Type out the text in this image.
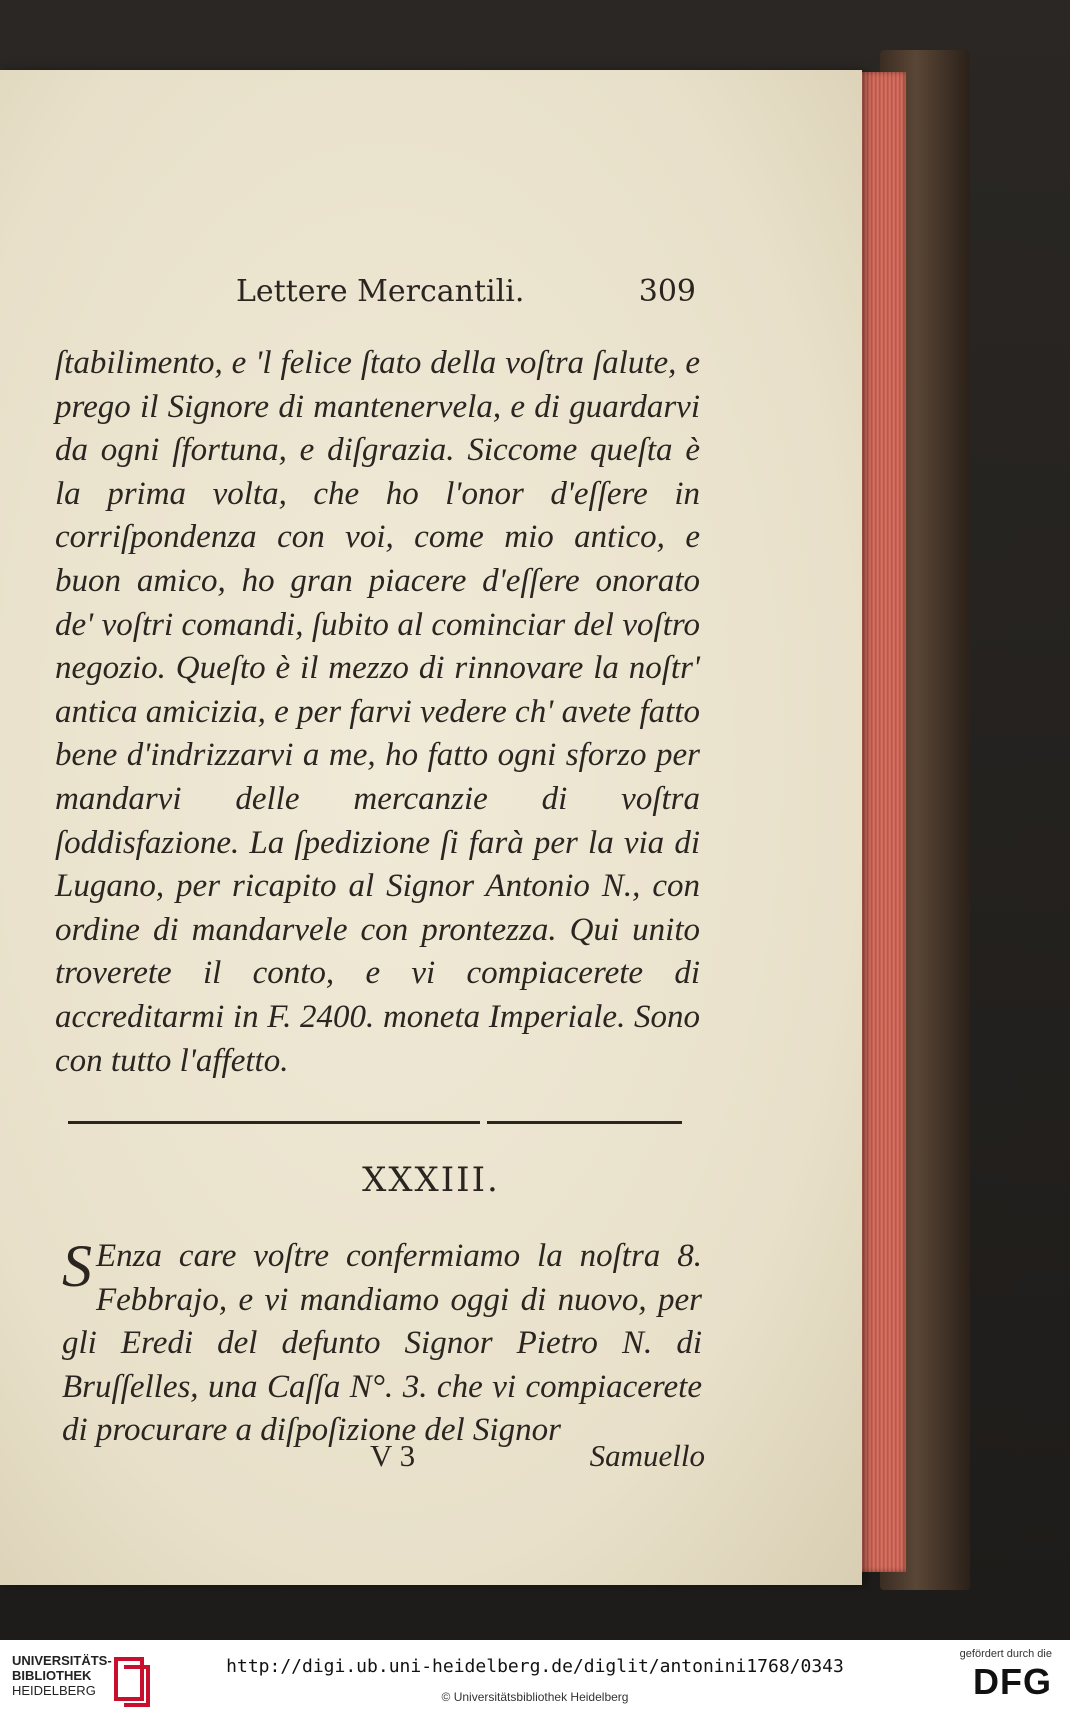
Lettere Mercantili.	309
ſtabilimento, e 'l felice ſtato della voſtra ſalute, e prego il Signore di mantenervela, e di guardarvi da ogni ſfortuna, e diſgrazia. Siccome queſta è la prima volta, che ho l'onor d'eſſere in corriſpondenza con voi, come mio antico, e buon amico, ho gran piacere d'eſſere onorato de' voſtri comandi, ſubito al cominciar del voſtro negozio. Queſto è il mezzo di rinnovare la noſtr' antica amicizia, e per farvi vedere ch' avete fatto bene d'indrizzarvi a me, ho fatto ogni sforzo per mandarvi delle mercanzie di voſtra ſoddisfazione. La ſpedizione ſi farà per la via di Lugano, per ricapito al Signor Antonio N., con ordine di mandarvele con prontezza. Qui unito troverete il conto, e vi compiacerete di accreditarmi in F. 2400. moneta Imperiale. Sono con tutto l'affetto.
XXXIII.
S Enza care voſtre confermiamo la noſtra 8. Febbrajo, e vi mandiamo oggi di nuovo, per gli Eredi del defunto Signor Pietro N. di Bruſſelles, una Caſſa N°. 3. che vi compiacerete di procurare a diſpoſizione del Signor
V 3	Samuello
UNIVERSITÄTS-
BIBLIOTHEK
HEIDELBERG
http://digi.ub.uni-heidelberg.de/diglit/antonini1768/0343
© Universitätsbibliothek Heidelberg
gefördert durch die
DFG
